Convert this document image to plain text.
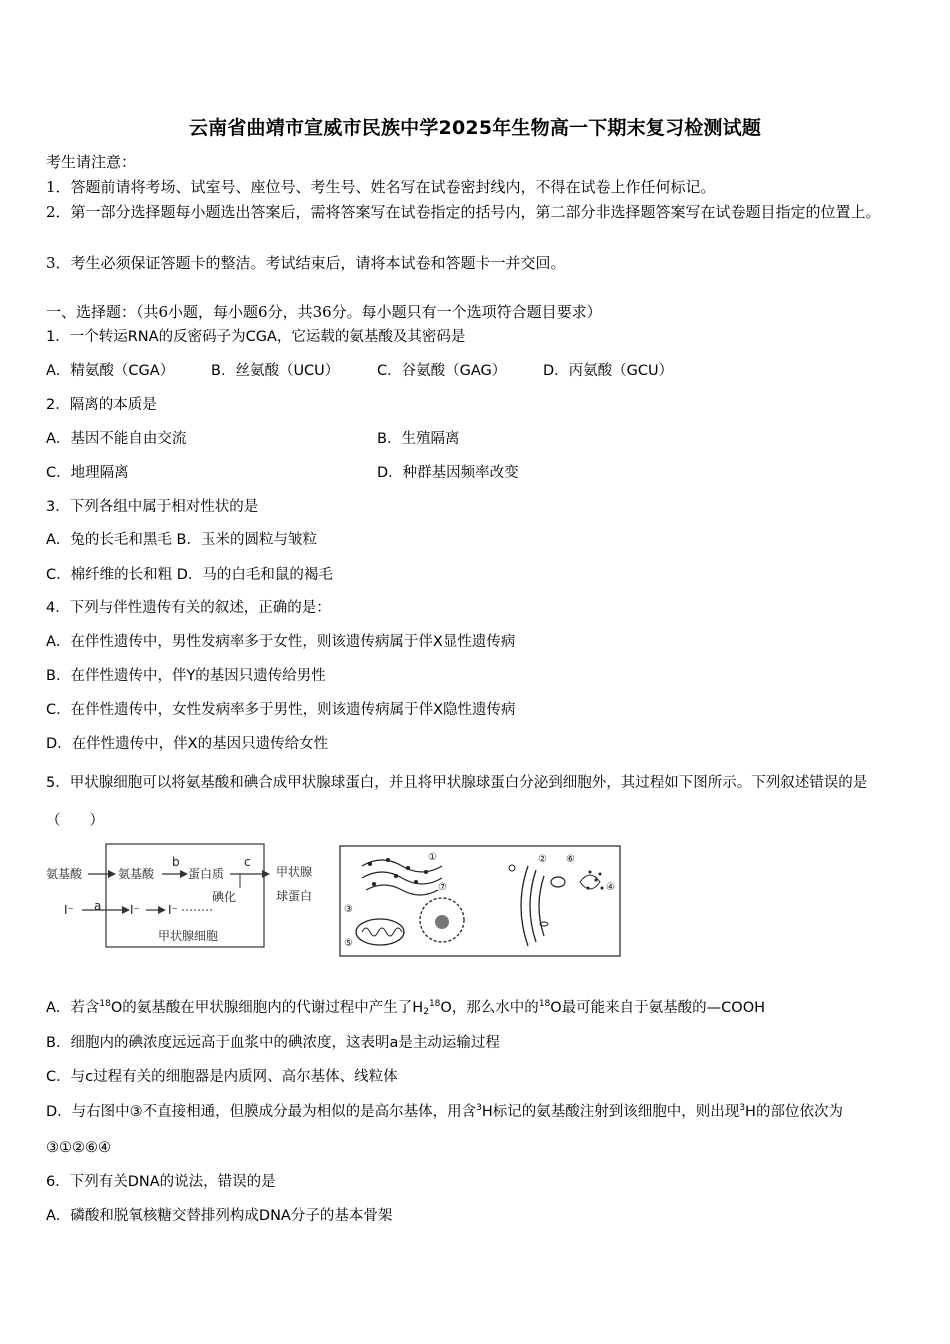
云南省曲靖市宣威市民族中学2025年生物高一下期末复习检测试题
考生请注意：
1．答题前请将考场、试室号、座位号、考生号、姓名写在试卷密封线内，不得在试卷上作任何标记。
2．第一部分选择题每小题选出答案后，需将答案写在试卷指定的括号内，第二部分非选择题答案写在试卷题目指定的位置上。
3．考生必须保证答题卡的整洁。考试结束后，请将本试卷和答题卡一并交回。
一、选择题：（共6小题，每小题6分，共36分。每小题只有一个选项符合题目要求）
1．一个转运RNA的反密码子为CGA，它运载的氨基酸及其密码是
A．精氨酸（CGA）	B．丝氨酸（UCU）	C．谷氨酸（GAG）	D．丙氨酸（GCU）
2．隔离的本质是
A．基因不能自由交流	B．生殖隔离
C．地理隔离	D．种群基因频率改变
3．下列各组中属于相对性状的是
A．兔的长毛和黑毛 B．玉米的圆粒与皱粒
C．棉纤维的长和粗 D．马的白毛和鼠的褐毛
4．下列与伴性遗传有关的叙述，正确的是：
A．在伴性遗传中，男性发病率多于女性，则该遗传病属于伴X显性遗传病
B．在伴性遗传中，伴Y的基因只遗传给男性
C．在伴性遗传中，女性发病率多于男性，则该遗传病属于伴X隐性遗传病
D．在伴性遗传中，伴X的基因只遗传给女性
5．甲状腺细胞可以将氨基酸和碘合成甲状腺球蛋白，并且将甲状腺球蛋白分泌到细胞外，其过程如下图所示。下列叙述错误的是（　　）
氨基酸	氨基酸
b
蛋白质
c
碘化
甲状腺
球蛋白
I⁻ a I⁻ I⁻
甲状腺细胞
①	②
③
④
⑤
⑥
⑦
A．若含$^{18}$O的氨基酸在甲状腺细胞内的代谢过程中产生了$H_2^{18}O$，那么水中的$^{18}$O最可能来自于氨基酸的—COOH
B．细胞内的碘浓度远远高于血浆中的碘浓度，这表明a是主动运输过程
C．与c过程有关的细胞器是内质网、高尔基体、线粒体
D．与右图中③不直接相通，但膜成分最为相似的是高尔基体，用含$^3$H标记的氨基酸注射到该细胞中，则出现$^3$H的部位依次为③①②⑥④
6．下列有关DNA的说法，错误的是
A．磷酸和脱氧核糖交替排列构成DNA分子的基本骨架
